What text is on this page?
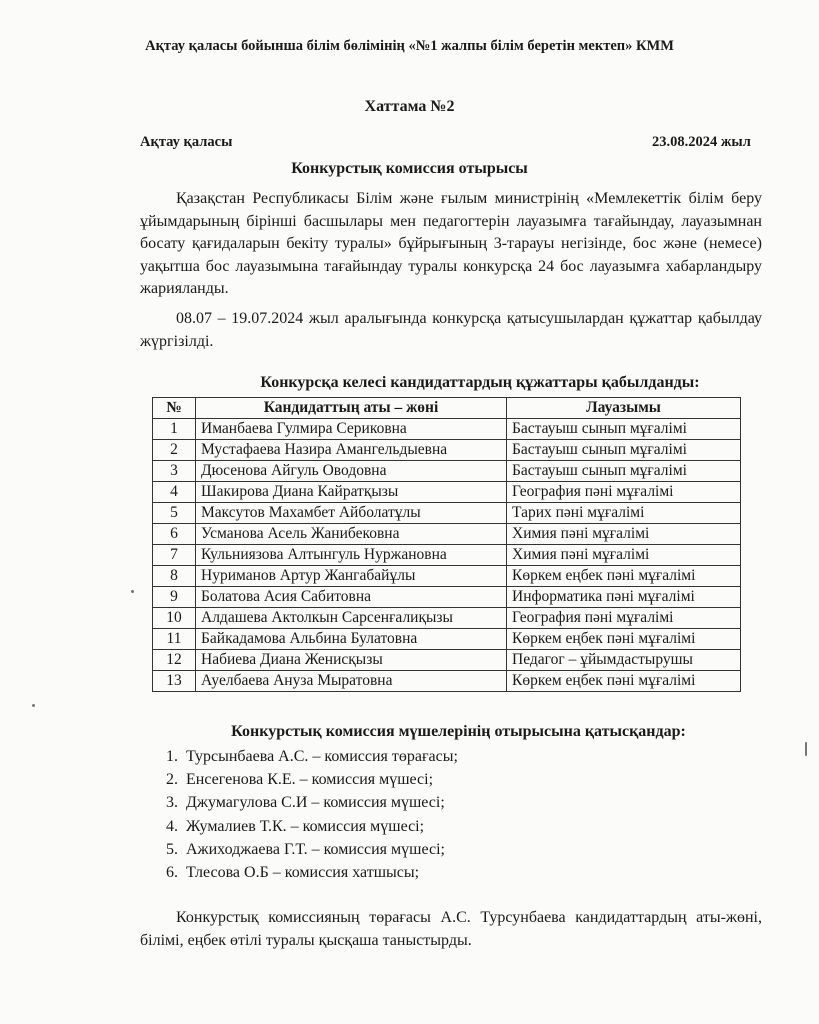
Ақтау қаласы бойынша білім бөлімінің «№1 жалпы білім беретін мектеп» КММ
Хаттама №2
Ақтау қаласы	23.08.2024 жыл
Конкурстық комиссия отырысы
Қазақстан Республикасы Білім және ғылым министрінің «Мемлекеттік білім беру ұйымдарының бірінші басшылары мен педагогтерін лауазымға тағайындау, лауазымнан босату қағидаларын бекіту туралы» бұйрығының 3-тарауы негізінде, бос және (немесе) уақытша бос лауазымына тағайындау туралы конкурсқа 24 бос лауазымға хабарландыру жарияланды.
08.07 – 19.07.2024 жыл аралығында конкурсқа қатысушылардан құжаттар қабылдау жүргізілді.
Конкурсқа келесі кандидаттардың құжаттары қабылданды:
№	Кандидаттың аты – жөні	Лауазымы
1	Иманбаева Гулмира Сериковна	Бастауыш сынып мұғалімі
2	Мустафаева Назира Амангельдыевна	Бастауыш сынып мұғалімі
3	Дюсенова Айгуль Оводовна	Бастауыш сынып мұғалімі
4	Шакирова Диана Кайратқызы	География пәні мұғалімі
5	Максутов Махамбет Айболатұлы	Тарих пәні мұғалімі
6	Усманова Асель Жанибековна	Химия пәні мұғалімі
7	Кульниязова Алтынгуль Нуржановна	Химия пәні мұғалімі
8	Нуриманов Артур Жангабайұлы	Көркем еңбек пәні мұғалімі
9	Болатова Асия Сабитовна	Информатика пәні мұғалімі
10	Алдашева Актолкын Сарсенғалиқызы	География пәні мұғалімі
11	Байкадамова Альбина Булатовна	Көркем еңбек пәні мұғалімі
12	Набиева Диана Женисқызы	Педагог – ұйымдастырушы
13	Ауелбаева Ануза Мыратовна	Көркем еңбек пәні мұғалімі
Конкурстық комиссия мүшелерінің отырысына қатысқандар:
1. Турсынбаева А.С. – комиссия төрағасы;
2. Енсегенова К.Е. – комиссия мүшесі;
3. Джумагулова С.И – комиссия мүшесі;
4. Жумалиев Т.К. – комиссия мүшесі;
5. Ажиходжаева Г.Т. – комиссия мүшесі;
6. Тлесова О.Б – комиссия хатшысы;
Конкурстық комиссияның төрағасы А.С. Турсунбаева кандидаттардың аты-жөні, білімі, еңбек өтілі туралы қысқаша таныстырды.
